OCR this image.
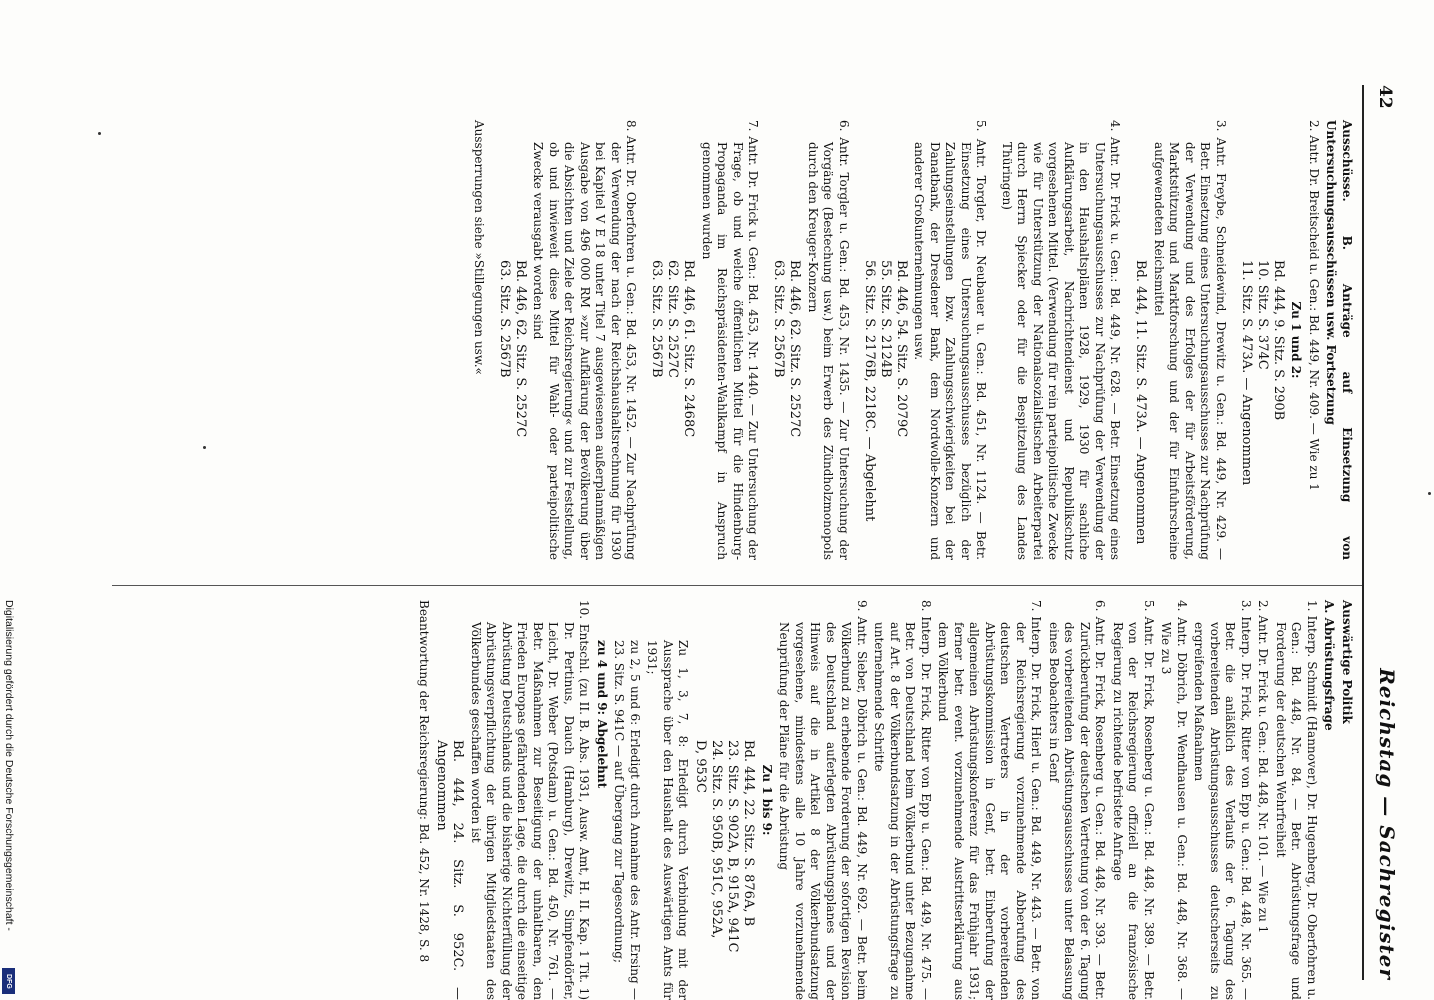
42
Reichstag — Sachregister
Ausschüsse. B. Anträge auf Einsetzung von Untersuchungsausschüssen usw. Fortsetzung
2. Antr. Dr. Breitscheid u. Gen.: Bd. 449, Nr. 409. — Wie zu 1
Zu 1 und 2:
Bd. 444, 9. Sitz. S. 290B
10. Sitz. S. 374C
11. Sitz. S. 473A. — Angenommen
3. Antr. Freybe, Schneidewind, Drewitz u. Gen.: Bd. 449, Nr. 429. — Betr. Einsetzung eines Untersuchungsausschusses zur Nachprüfung der Verwendung und des Erfolges der für Arbeitsförderung, Marktstützung und Marktforschung und der für Einfuhrscheine aufgewendeten Reichsmittel
Bd. 444, 11. Sitz. S. 473A. — Angenommen
4. Antr. Dr. Frick u. Gen.: Bd. 449, Nr. 628. — Betr. Einsetzung eines Untersuchungsausschusses zur Nachprüfung der Verwendung der in den Haushaltsplänen 1928, 1929, 1930 für sachliche Aufklärungsarbeit, Nachrichtendienst und Republikschutz vorgesehenen Mittel. (Verwendung für rein parteipolitische Zwecke wie für Unterstützung der Nationalsozialistischen Arbeiterpartei durch Herrn Spiecker oder für die Bespitzelung des Landes Thüringen)
5. Antr. Torgler, Dr. Neubauer u. Gen.: Bd. 451, Nr. 1124. — Betr. Einsetzung eines Untersuchungsausschusses bezüglich der Zahlungseinstellungen bzw. Zahlungsschwierigkeiten bei der Danatbank, der Dresdener Bank, dem Nordwolle-Konzern und anderer Großunternehmungen usw.
Bd. 446, 54. Sitz. S. 2079C
55. Sitz. S. 2124B
56. Sitz. S. 2176B, 2218C. — Abgelehnt
6. Antr. Torgler u. Gen.: Bd. 453, Nr. 1435. — Zur Untersuchung der Vorgänge (Bestechung usw.) beim Erwerb des Zündholzmonopols durch den Kreuger-Konzern
Bd. 446, 62. Sitz. S. 2527C
63. Sitz. S. 2567B
7. Antr. Dr. Frick u. Gen.: Bd. 453, Nr. 1440. — Zur Untersuchung der Frage, ob und welche öffentlichen Mittel für die Hindenburg-Propaganda im Reichspräsidenten-Wahlkampf in Anspruch genommen wurden
Bd. 446, 61. Sitz. S. 2468C
62. Sitz. S. 2527C
63. Sitz. S. 2567B
8. Antr. Dr. Oberfohren u. Gen.: Bd. 453, Nr. 1452. — Zur Nachprüfung der Verwendung der nach der Reichshaushaltsrechnung für 1930 bei Kapitel V E 18 unter Titel 7 ausgewiesenen außerplanmäßigen Ausgabe von 496 000 RM »zur Aufklärung der Bevölkerung über die Absichten und Ziele der Reichsregierung« und zur Feststellung, ob und inwieweit diese Mittel für Wahl- oder parteipolitische Zwecke verausgabt worden sind
Bd. 446, 62. Sitz. S. 2527C
63. Sitz. S. 2567B
Aussperrungen siehe »Stillegungen usw.«
Auswärtige Politik
A. Abrüstungsfrage
1. Interp. Schmidt (Hannover), Dr. Hugenberg, Dr. Oberfohren u. Gen.: Bd. 448, Nr. 84. — Betr. Abrüstungsfrage und Forderung der deutschen Wehrfreiheit
2. Antr. Dr. Frick u. Gen.: Bd. 448, Nr. 101. — Wie zu 1
3. Interp. Dr. Frick, Ritter von Epp u. Gen.: Bd. 448, Nr. 365. — Betr. die anläßlich des Verlaufs der 6. Tagung des vorbereitenden Abrüstungsausschusses deutscherseits zu ergreifenden Maßnahmen
4. Antr. Döbrich, Dr. Wendhausen u. Gen.: Bd. 448, Nr. 368. — Wie zu 3
5. Antr. Dr. Frick, Rosenberg u. Gen.: Bd. 448, Nr. 389. — Betr. von der Reichsregierung offiziell an die französische Regierung zu richtende befristete Anfrage
6. Antr. Dr. Frick, Rosenberg u. Gen.: Bd. 448, Nr. 393. — Betr. Zurückberufung der deutschen Vertretung von der 6. Tagung des vorbereitenden Abrüstungsausschusses unter Belassung eines Beobachters in Genf
7. Interp. Dr. Frick, Hierl u. Gen.: Bd. 449, Nr. 443. — Betr. von der Reichsregierung vorzunehmende Abberufung des deutschen Vertreters in der vorbereitenden Abrüstungskommission in Genf, betr. Einberufung der allgemeinen Abrüstungskonferenz für das Frühjahr 1931; ferner betr. event. vorzunehmende Austrittserklärung aus dem Völkerbund
8. Interp. Dr. Frick, Ritter von Epp u. Gen.: Bd. 449, Nr. 475. — Betr. von Deutschland beim Völkerbund unter Bezugnahme auf Art. 8 der Völkerbundsatzung in der Abrüstungsfrage zu unternehmende Schritte
9. Antr. Sieber, Döbrich u. Gen.: Bd. 449, Nr. 692. — Betr. beim Völkerbund zu erhebende Forderung der sofortigen Revision des Deutschland auferlegten Abrüstungsplanes und der Hinweis auf die in Artikel 8 der Völkerbundsatzung vorgesehene, mindestens alle 10 Jahre vorzunehmende Neuprüfung der Pläne für die Abrüstung
Zu 1 bis 9:
Bd. 444, 22. Sitz. S. 876A, B
23. Sitz. S. 902A, B, 915A, 941C
24. Sitz. S. 950B, 951C, 952A,
D, 953C
Zu 1, 3, 7, 8: Erledigt durch Verbindung mit der Aussprache über den Haushalt des Auswärtigen Amts für 1931;
zu 2, 5 und 6: Erledigt durch Annahme des Antr. Ersing — 23. Sitz. S. 941C — auf Übergang zur Tagesordnung;
zu 4 und 9: Abgelehnt
10. Entschl. (zu II. B. Abs. 1931, Ausw. Amt, H. II. Kap. 1 Tit. 1) Dr. Pertinus, Dauch (Hamburg), Drewitz, Simpfendörfer, Leicht, Dr. Weber (Potsdam) u. Gen.: Bd. 450, Nr. 761. — Betr. Maßnahmen zur Beseitigung der unhaltbaren, den Frieden Europas gefährdenden Lage, die durch die einseitige Abrüstung Deutschlands und die bisherige Nichterfüllung der Abrüstungsverpflichtung der übrigen Mitgliedstaaten des Völkerbundes geschaffen worden ist
Bd. 444, 24. Sitz. S. 952C. — Angenommen
Beantwortung der Reichsregierung: Bd. 452, Nr. 1428, S. 8
Digitalisierung gefördert durch die Deutsche Forschungsgemeinschaft -
DFG
